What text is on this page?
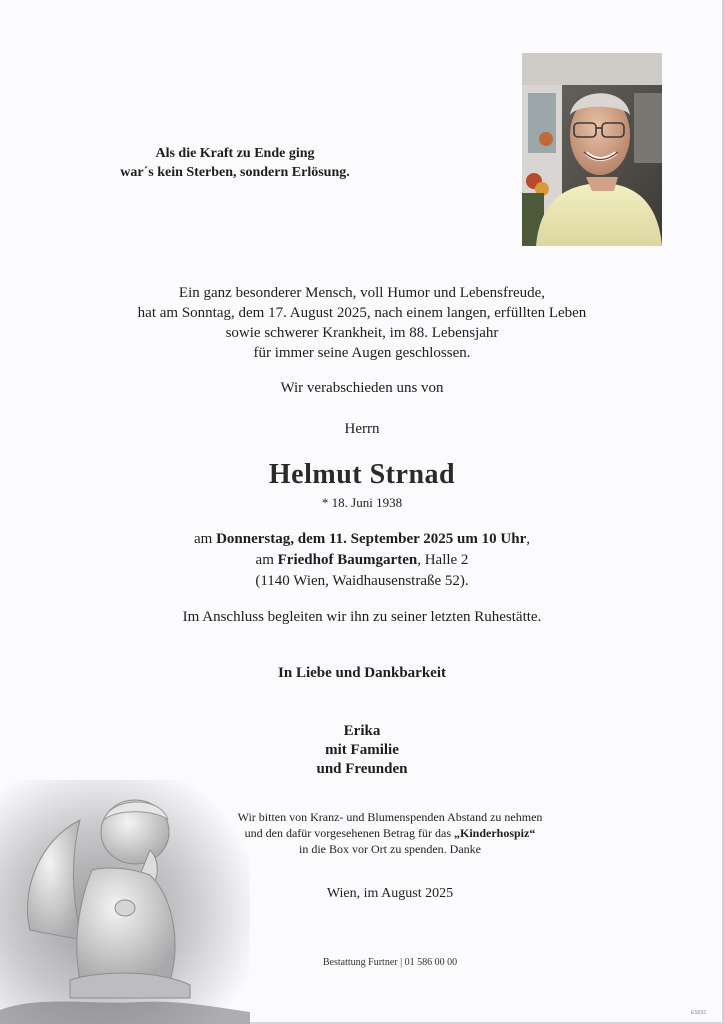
Als die Kraft zu Ende ging
war´s kein Sterben, sondern Erlösung.
Ein ganz besonderer Mensch, voll Humor und Lebensfreude,
hat am Sonntag, dem 17. August 2025, nach einem langen, erfüllten Leben
sowie schwerer Krankheit, im 88. Lebensjahr
für immer seine Augen geschlossen.
Wir verabschieden uns von
Herrn
Helmut Strnad
* 18. Juni 1938
am Donnerstag, dem 11. September 2025 um 10 Uhr,
am Friedhof Baumgarten, Halle 2
(1140 Wien, Waidhausenstraße 52).
Im Anschluss begleiten wir ihn zu seiner letzten Ruhestätte.
In Liebe und Dankbarkeit
Erika
mit Familie
und Freunden
Wir bitten von Kranz- und Blumenspenden Abstand zu nehmen
und den dafür vorgesehenen Betrag für das „Kinderhospiz“
in die Box vor Ort zu spenden. Danke
Wien, im August 2025
Bestattung Furtner | 01 586 00 00
ES032
